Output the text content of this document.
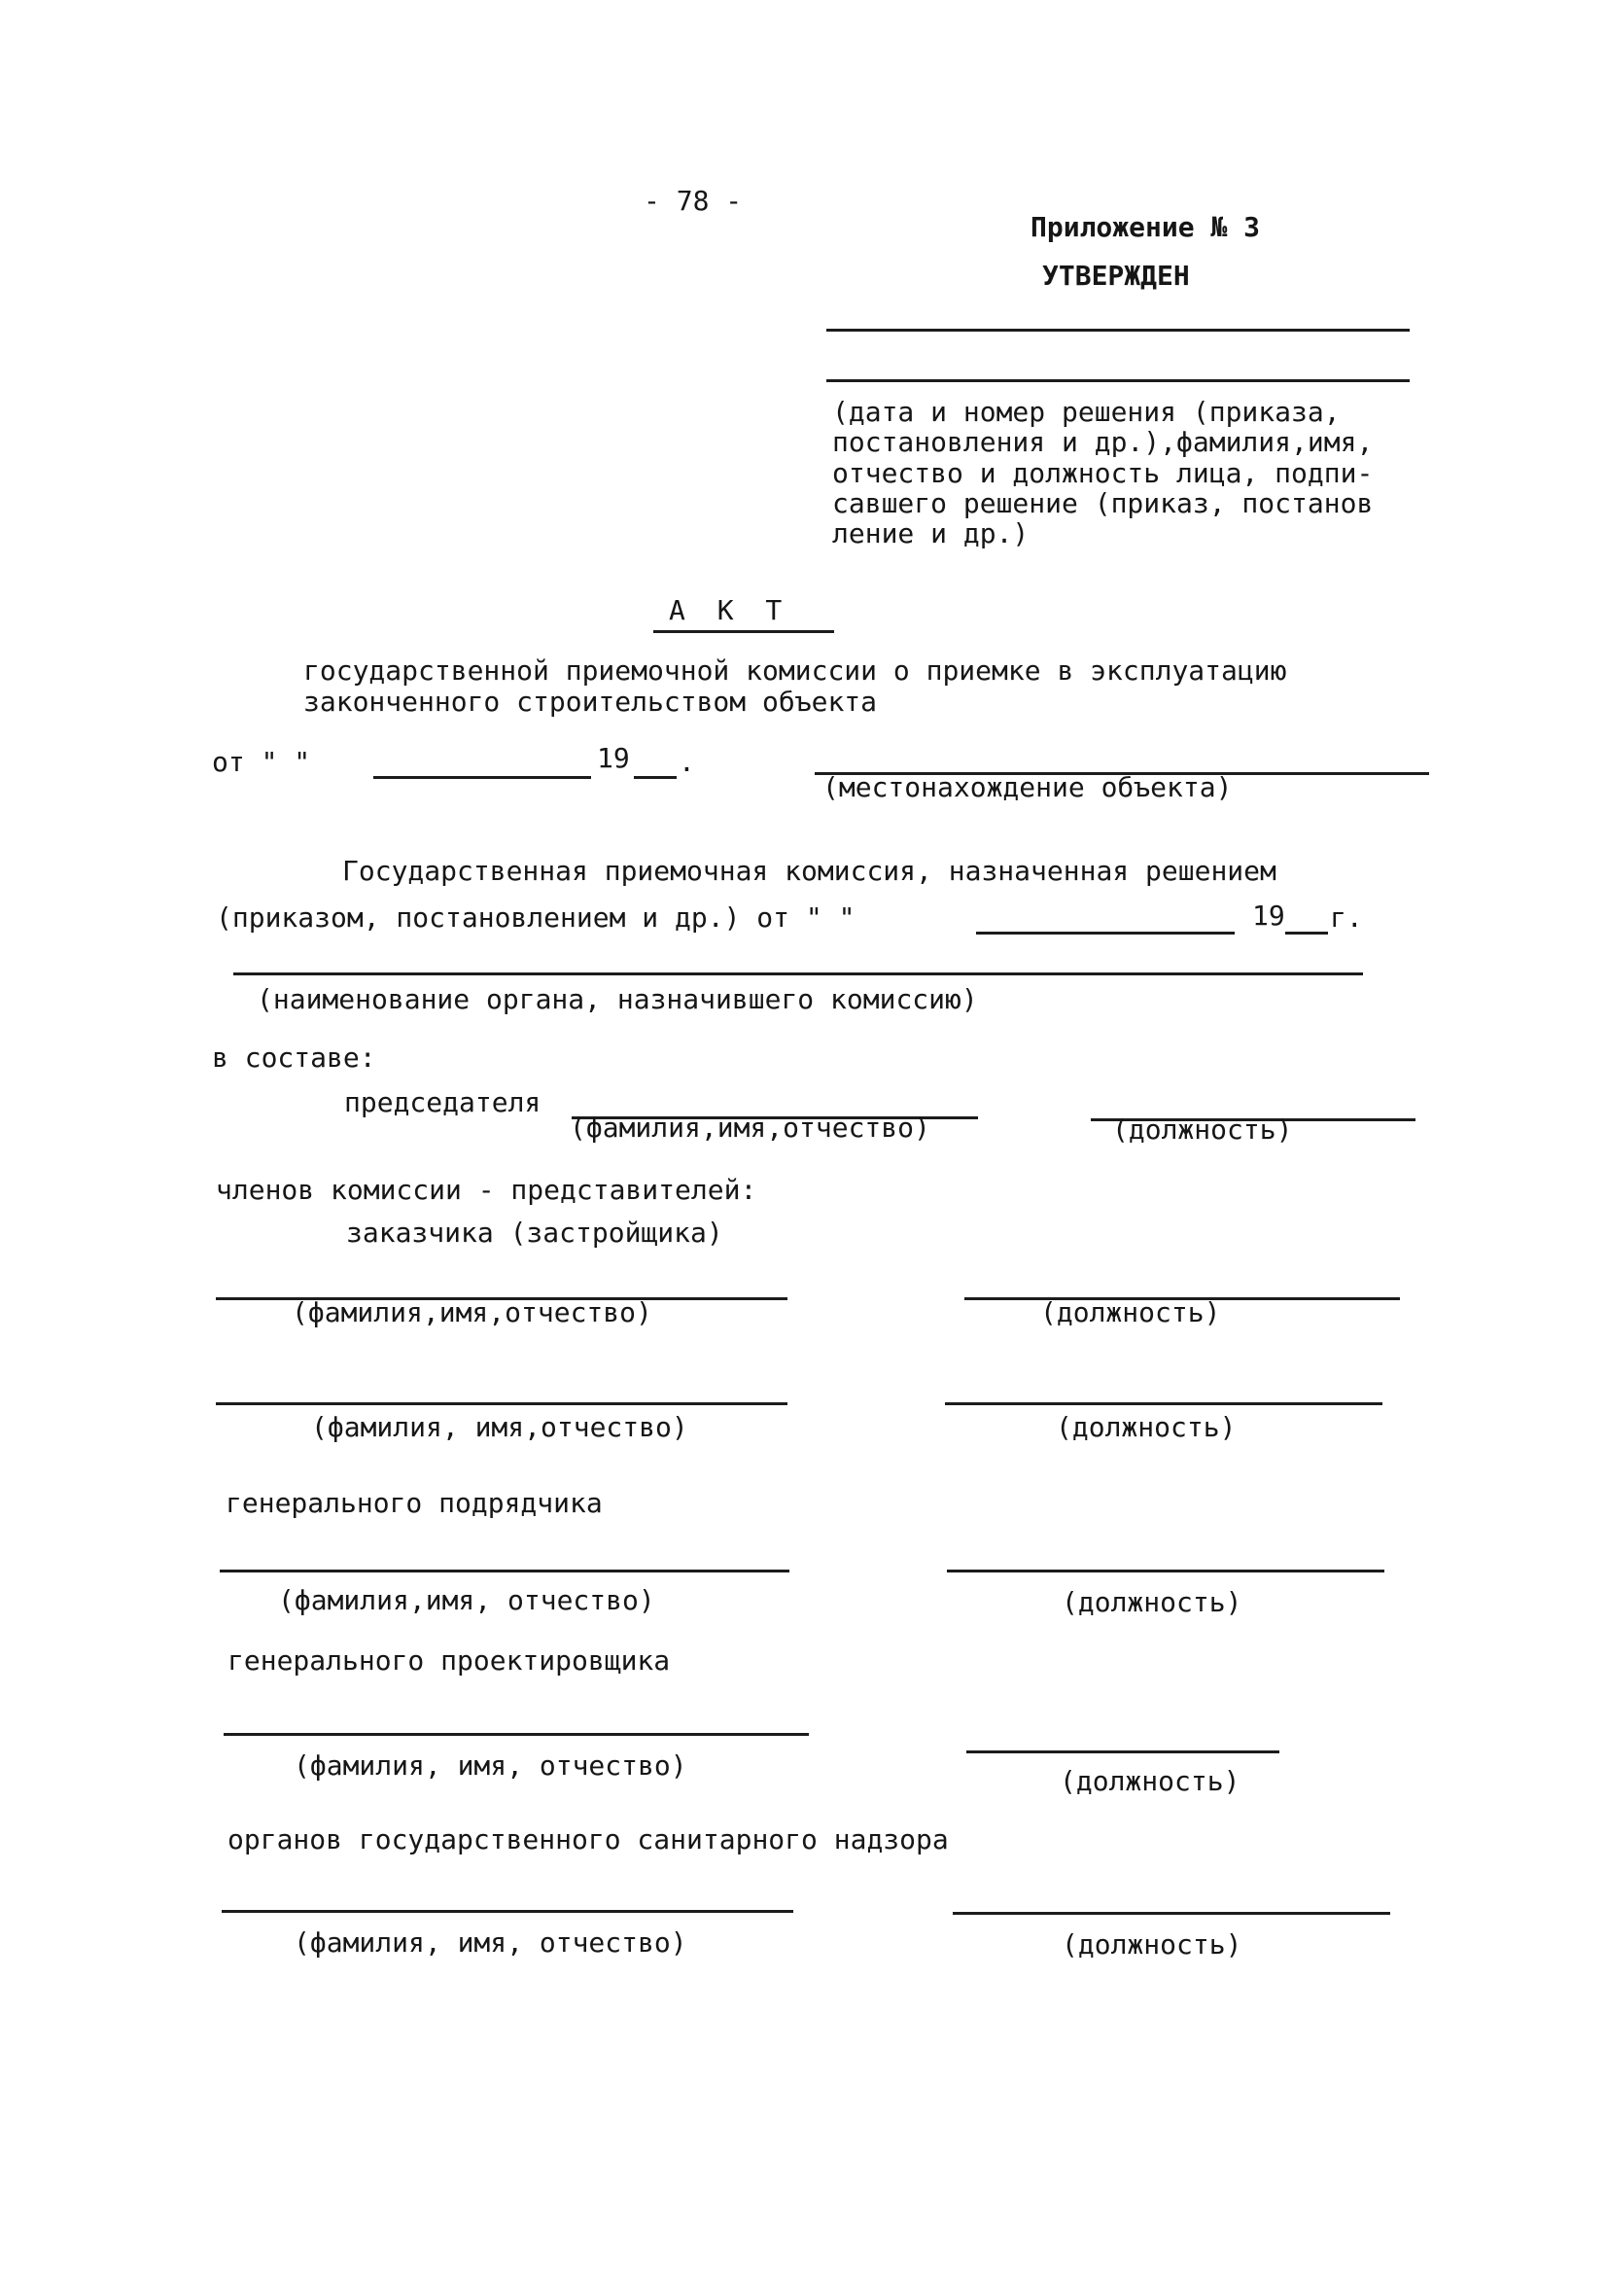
- 78 -
Приложение № 3
УТВЕРЖДЕН
(дата и номер решения (приказа,
постановления и др.),фамилия,имя,
отчество и должность лица, подпи-
савшего решение (приказ, постанов
ление и др.)
А К Т
государственной приемочной комиссии о приемке в эксплуатацию
законченного строительством объекта
от " "	19 .
(местонахождение объекта)
Государственная приемочная комиссия, назначенная решением
(приказом, постановлением и др.) от " "	19 г.
(наименование органа, назначившего комиссию)
в составе:
председателя
(фамилия,имя,отчество)	(должность)
членов комиссии - представителей:
заказчика (застройщика)
(фамилия,имя,отчество)	(должность)
(фамилия, имя,отчество)	(должность)
генерального подрядчика
(фамилия,имя, отчество)	(должность)
генерального проектировщика
(фамилия, имя, отчество)	(должность)
органов государственного санитарного надзора
(фамилия, имя, отчество)	(должность)
